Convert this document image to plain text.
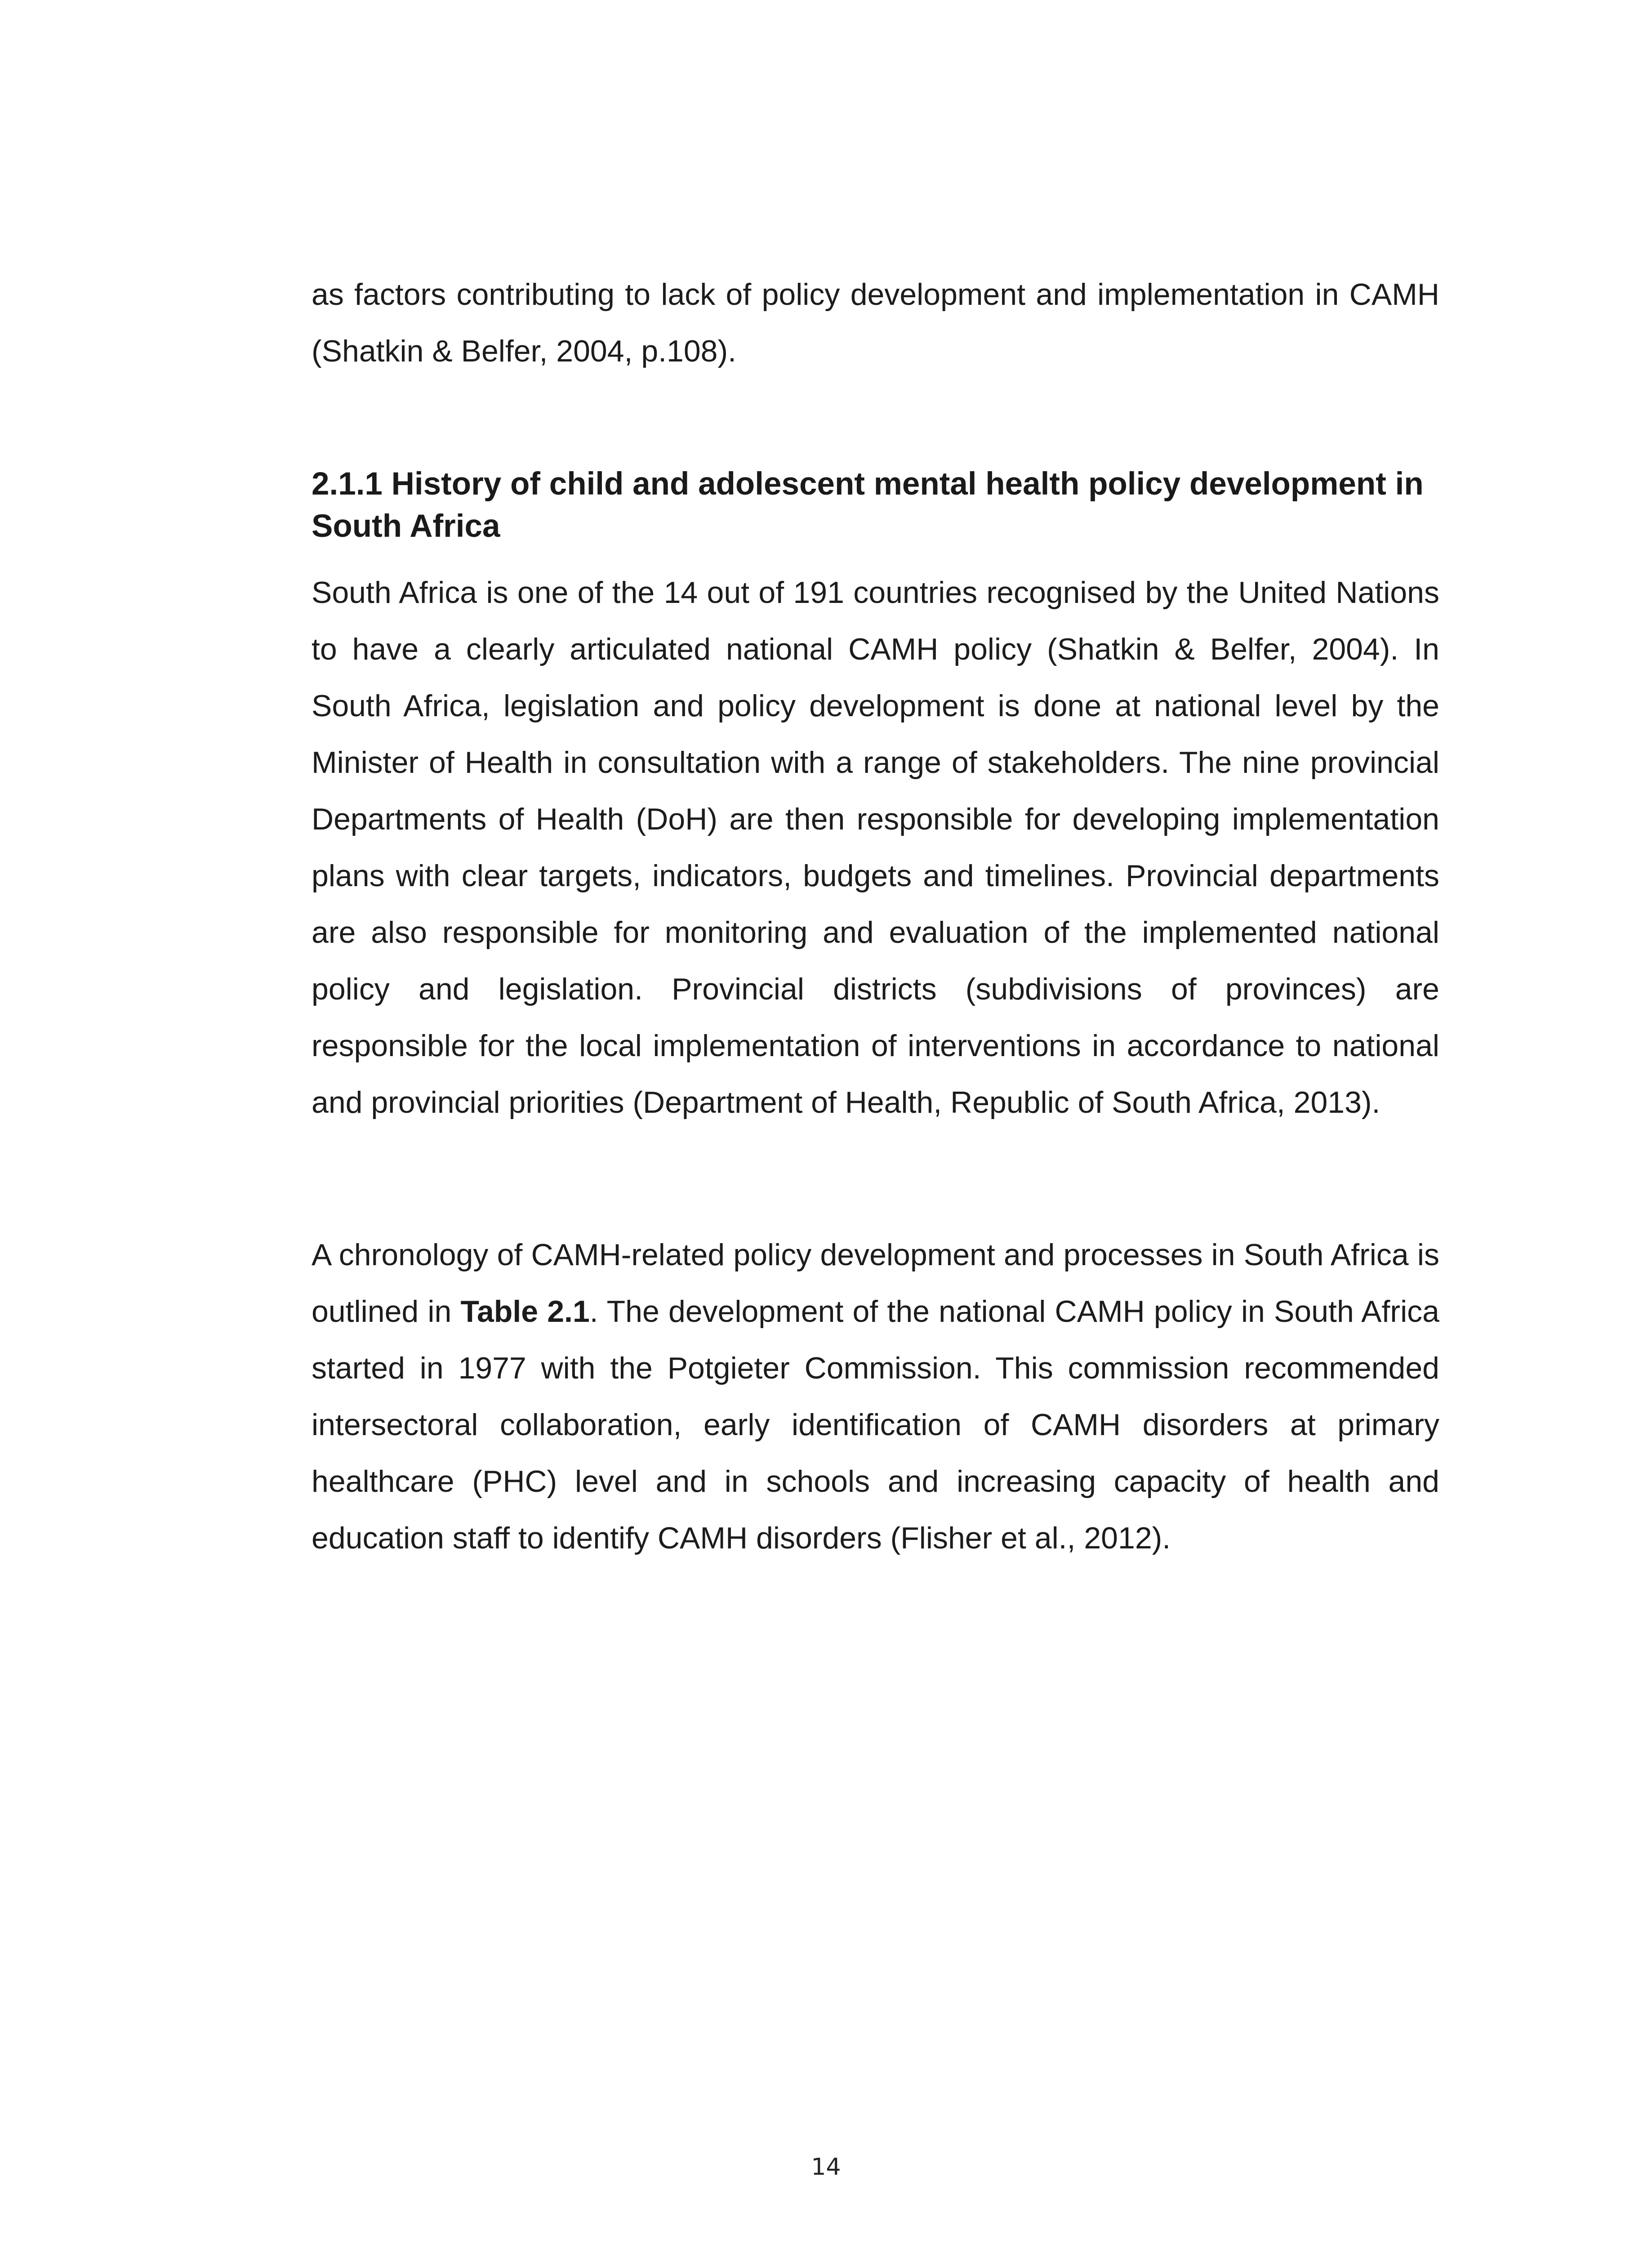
as factors contributing to lack of policy development and implementation in CAMH (Shatkin & Belfer, 2004, p.108).

2.1.1 History of child and adolescent mental health policy development in South Africa

South Africa is one of the 14 out of 191 countries recognised by the United Nations to have a clearly articulated national CAMH policy (Shatkin & Belfer, 2004). In South Africa, legislation and policy development is done at national level by the Minister of Health in consultation with a range of stakeholders. The nine provincial Departments of Health (DoH) are then responsible for developing implementation plans with clear targets, indicators, budgets and timelines. Provincial departments are also responsible for monitoring and evaluation of the implemented national policy and legislation. Provincial districts (subdivisions of provinces) are responsible for the local implementation of interventions in accordance to national and provincial priorities (Department of Health, Republic of South Africa, 2013).

A chronology of CAMH-related policy development and processes in South Africa is outlined in Table 2.1. The development of the national CAMH policy in South Africa started in 1977 with the Potgieter Commission. This commission recommended intersectoral collaboration, early identification of CAMH disorders at primary healthcare (PHC) level and in schools and increasing capacity of health and education staff to identify CAMH disorders (Flisher et al., 2012).

14
